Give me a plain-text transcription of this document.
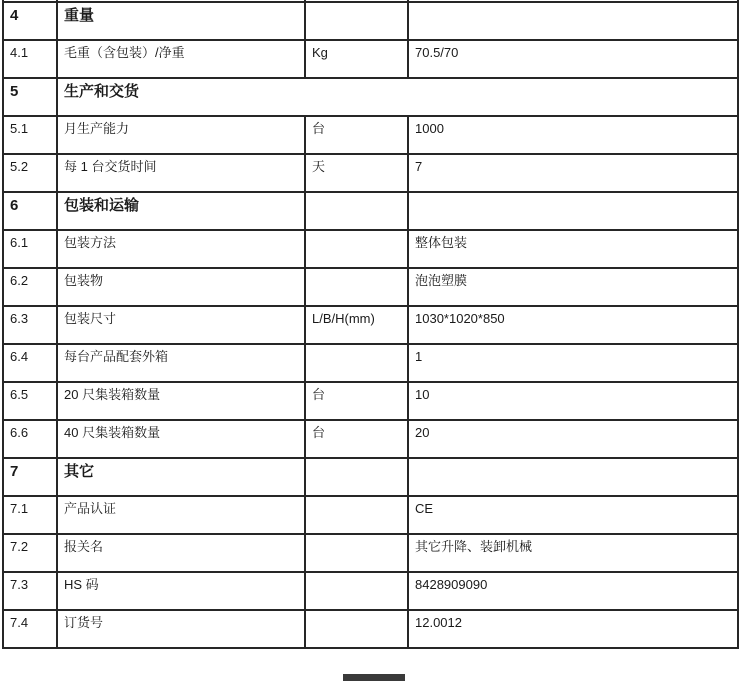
4	重量		
4.1	毛重（含包装）/净重	Kg	70.5/70
5	生产和交货		
5.1	月生产能力	台	1000
5.2	每 1 台交货时间	天	7
6	包装和运输		
6.1	包装方法		整体包装
6.2	包装物		泡泡塑膜
6.3	包装尺寸	L/B/H(mm)	1030*1020*850
6.4	每台产品配套外箱		1
6.5	20 尺集装箱数量	台	10
6.6	40 尺集装箱数量	台	20
7	其它		
7.1	产品认证		CE
7.2	报关名		其它升降、装卸机械
7.3	HS 码		8428909090
7.4	订货号		12.0012
